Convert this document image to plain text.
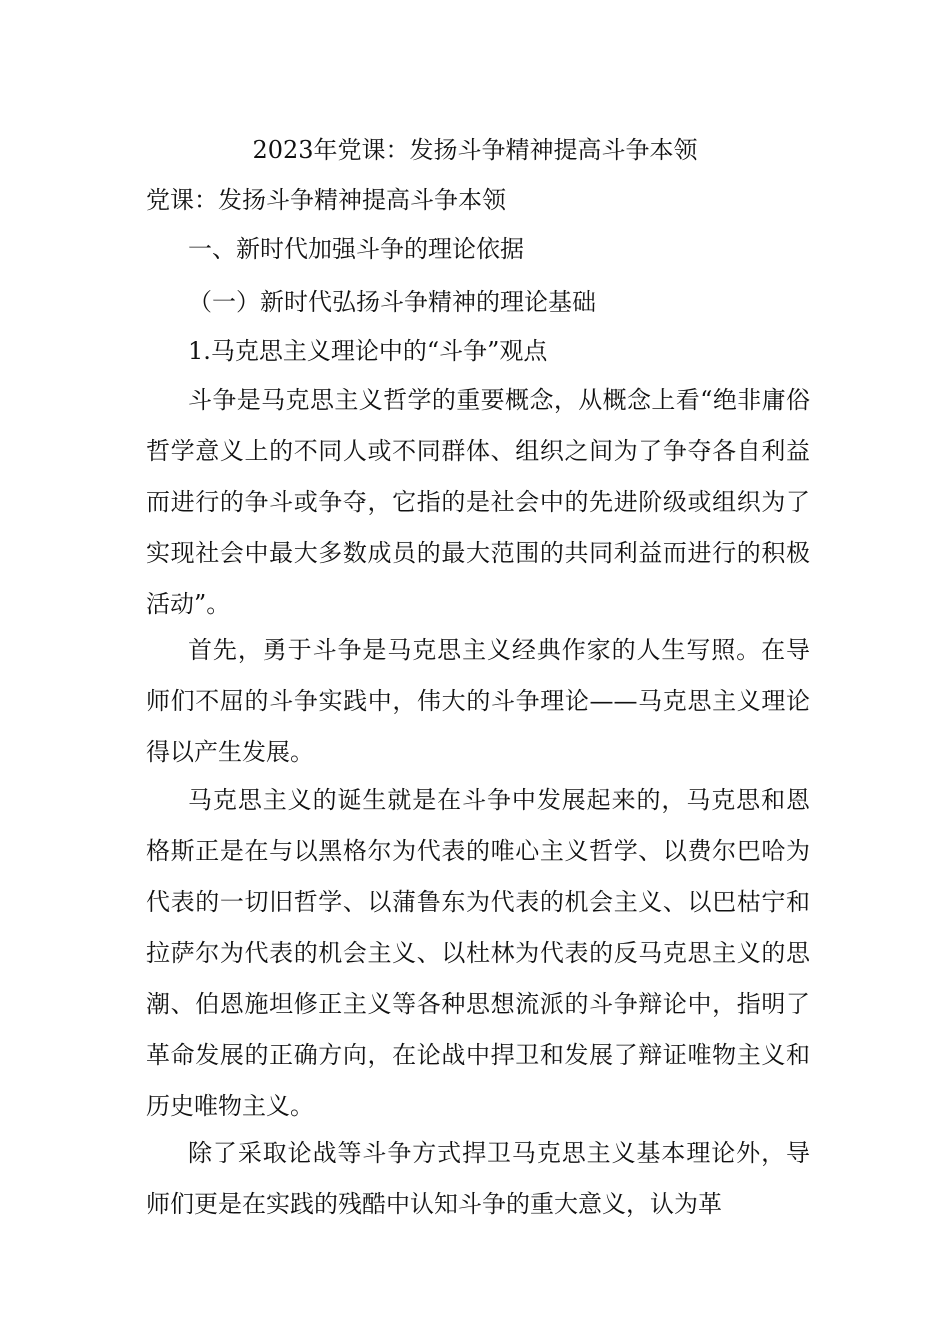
2023年党课：发扬斗争精神提高斗争本领

党课：发扬斗争精神提高斗争本领

一、新时代加强斗争的理论依据

（一）新时代弘扬斗争精神的理论基础

1.马克思主义理论中的“斗争”观点

斗争是马克思主义哲学的重要概念，从概念上看“绝非庸俗哲学意义上的不同人或不同群体、组织之间为了争夺各自利益而进行的争斗或争夺，它指的是社会中的先进阶级或组织为了实现社会中最大多数成员的最大范围的共同利益而进行的积极活动”。

首先，勇于斗争是马克思主义经典作家的人生写照。在导师们不屈的斗争实践中，伟大的斗争理论——马克思主义理论得以产生发展。

马克思主义的诞生就是在斗争中发展起来的，马克思和恩格斯正是在与以黑格尔为代表的唯心主义哲学、以费尔巴哈为代表的一切旧哲学、以蒲鲁东为代表的机会主义、以巴枯宁和拉萨尔为代表的机会主义、以杜林为代表的反马克思主义的思潮、伯恩施坦修正主义等各种思想流派的斗争辩论中，指明了革命发展的正确方向，在论战中捍卫和发展了辩证唯物主义和历史唯物主义。

除了采取论战等斗争方式捍卫马克思主义基本理论外，导师们更是在实践的残酷中认知斗争的重大意义，认为革
